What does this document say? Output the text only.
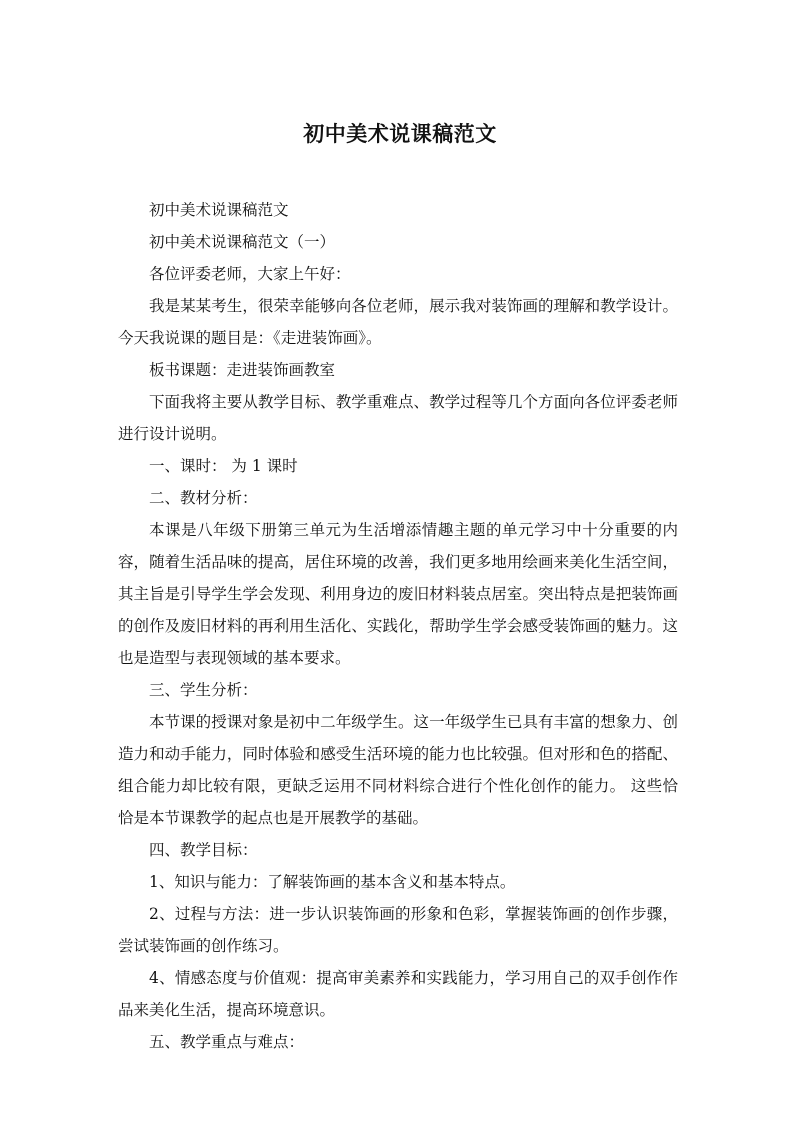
初中美术说课稿范文

初中美术说课稿范文

初中美术说课稿范文（一）

各位评委老师，大家上午好：

我是某某考生，很荣幸能够向各位老师，展示我对装饰画的理解和教学设计。今天我说课的题目是：《走进装饰画》。

板书课题：走进装饰画教室

下面我将主要从教学目标、教学重难点、教学过程等几个方面向各位评委老师进行设计说明。

一、课时： 为 1 课时

二、教材分析：

本课是八年级下册第三单元为生活增添情趣主题的单元学习中十分重要的内容，随着生活品味的提高，居住环境的改善，我们更多地用绘画来美化生活空间，其主旨是引导学生学会发现、利用身边的废旧材料装点居室。突出特点是把装饰画的创作及废旧材料的再利用生活化、实践化，帮助学生学会感受装饰画的魅力。这也是造型与表现领域的基本要求。

三、学生分析：

本节课的授课对象是初中二年级学生。这一年级学生已具有丰富的想象力、创造力和动手能力，同时体验和感受生活环境的能力也比较强。但对形和色的搭配、组合能力却比较有限，更缺乏运用不同材料综合进行个性化创作的能力。 这些恰恰是本节课教学的起点也是开展教学的基础。

四、教学目标：

1、知识与能力：了解装饰画的基本含义和基本特点。

2、过程与方法：进一步认识装饰画的形象和色彩，掌握装饰画的创作步骤，尝试装饰画的创作练习。

4、情感态度与价值观：提高审美素养和实践能力，学习用自己的双手创作作品来美化生活，提高环境意识。

五、教学重点与难点：
